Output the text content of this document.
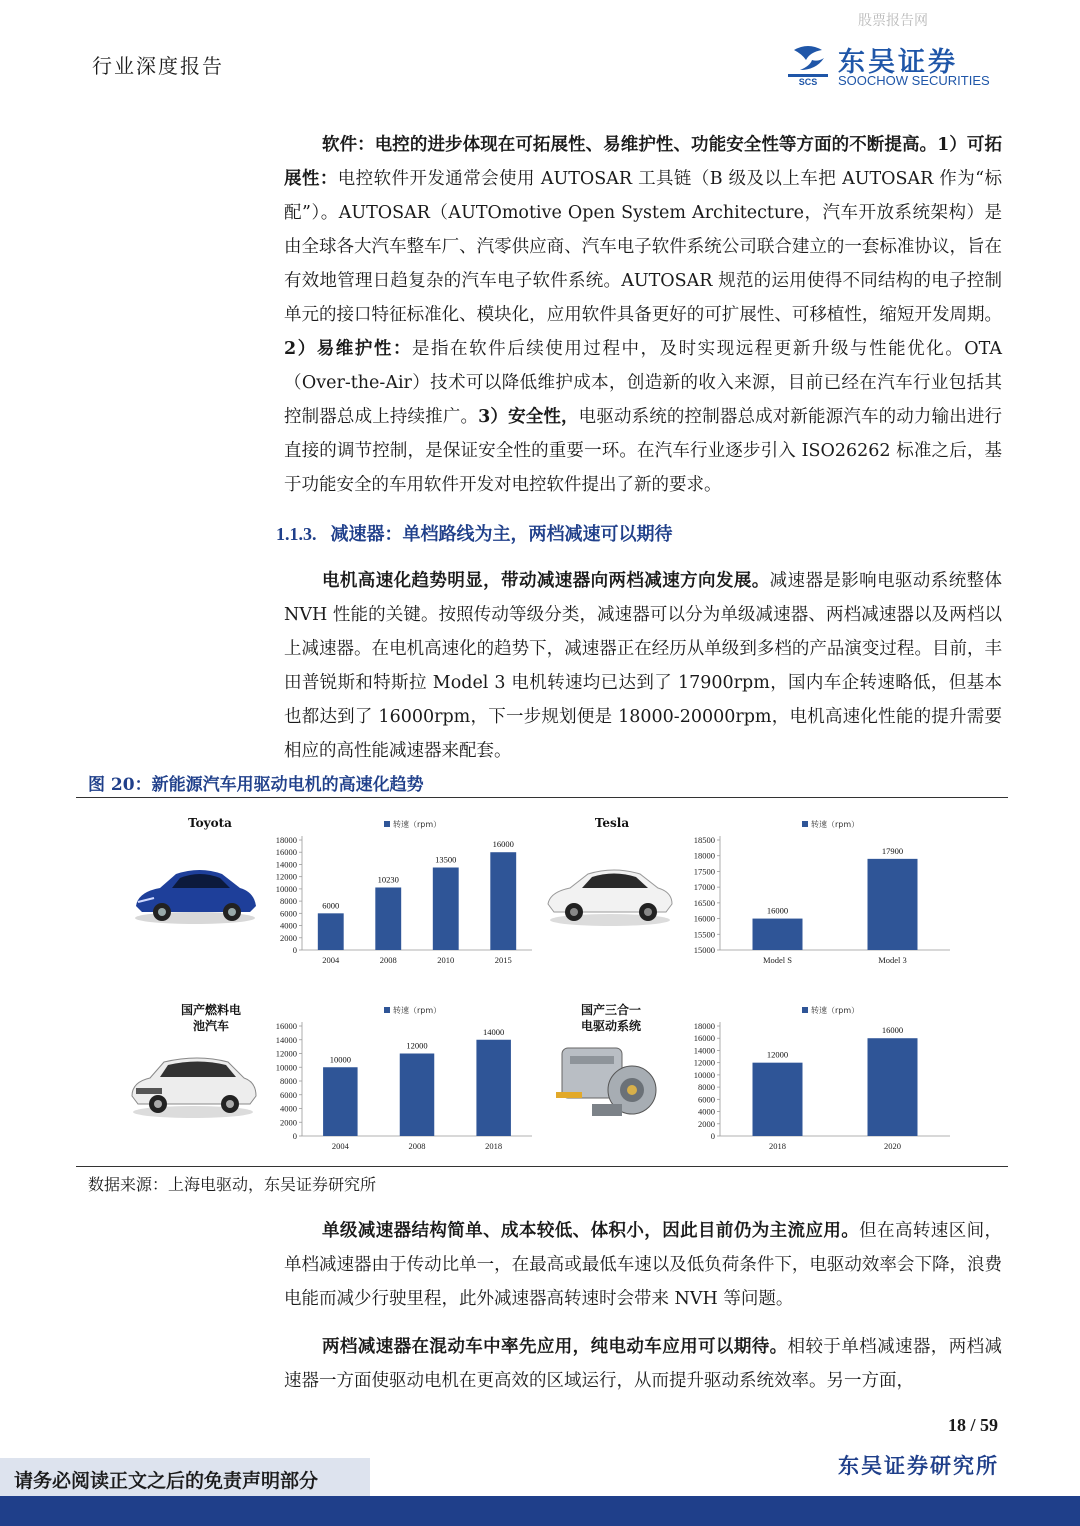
股票报告网
行业深度报告
SCS
东吴证券
SOOCHOW SECURITIES

软件：电控的进步体现在可拓展性、易维护性、功能安全性等方面的不断提高。1）可拓展性：电控软件开发通常会使用 AUTOSAR 工具链（B 级及以上车把 AUTOSAR 作为“标配”）。AUTOSAR（AUTOmotive Open System Architecture，汽车开放系统架构）是由全球各大汽车整车厂、汽零供应商、汽车电子软件系统公司联合建立的一套标准协议，旨在有效地管理日趋复杂的汽车电子软件系统。AUTOSAR 规范的运用使得不同结构的电子控制单元的接口特征标准化、模块化，应用软件具备更好的可扩展性、可移植性，缩短开发周期。2）易维护性：是指在软件后续使用过程中，及时实现远程更新升级与性能优化。OTA（Over-the-Air）技术可以降低维护成本，创造新的收入来源，目前已经在汽车行业包括其控制器总成上持续推广。3）安全性，电驱动系统的控制器总成对新能源汽车的动力输出进行直接的调节控制，是保证安全性的重要一环。在汽车行业逐步引入 ISO26262 标准之后，基于功能安全的车用软件开发对电控软件提出了新的要求。

1.1.3. 减速器：单档路线为主，两档减速可以期待

电机高速化趋势明显，带动减速器向两档减速方向发展。减速器是影响电驱动系统整体 NVH 性能的关键。按照传动等级分类，减速器可以分为单级减速器、两档减速器以及两档以上减速器。在电机高速化的趋势下，减速器正在经历从单级到多档的产品演变过程。目前，丰田普锐斯和特斯拉 Model 3 电机转速均已达到了 17900rpm，国内车企转速略低，但基本也都达到了 16000rpm，下一步规划便是 18000-20000rpm，电机高速化性能的提升需要相应的高性能减速器来配套。

图 20：新能源汽车用驱动电机的高速化趋势
Toyota	Tesla
国产燃料电
池汽车
国产三合一
电驱动系统
转速（rpm）
0
2000
4000
6000
8000
10000
12000
14000
16000
18000
6000
2004
10230
2008
13500
2010
16000
2015
转速（rpm）
15000
15500
16000
16500
17000
17500
18000
18500
16000
Model S
17900
Model 3
转速（rpm）
0
2000
4000
6000
8000
10000
12000
14000
16000
10000
2004
12000
2008
14000
2018
转速（rpm）
0
2000
4000
6000
8000
10000
12000
14000
16000
18000
12000
2018
16000
2020
数据来源：上海电驱动，东吴证券研究所

单级减速器结构简单、成本较低、体积小，因此目前仍为主流应用。但在高转速区间，单档减速器由于传动比单一，在最高或最低车速以及低负荷条件下，电驱动效率会下降，浪费电能而减少行驶里程，此外减速器高转速时会带来 NVH 等问题。

两档减速器在混动车中率先应用，纯电动车应用可以期待。相较于单档减速器，两档减速器一方面使驱动电机在更高效的区域运行，从而提升驱动系统效率。另一方面，

18 / 59
东吴证券研究所
请务必阅读正文之后的免责声明部分
